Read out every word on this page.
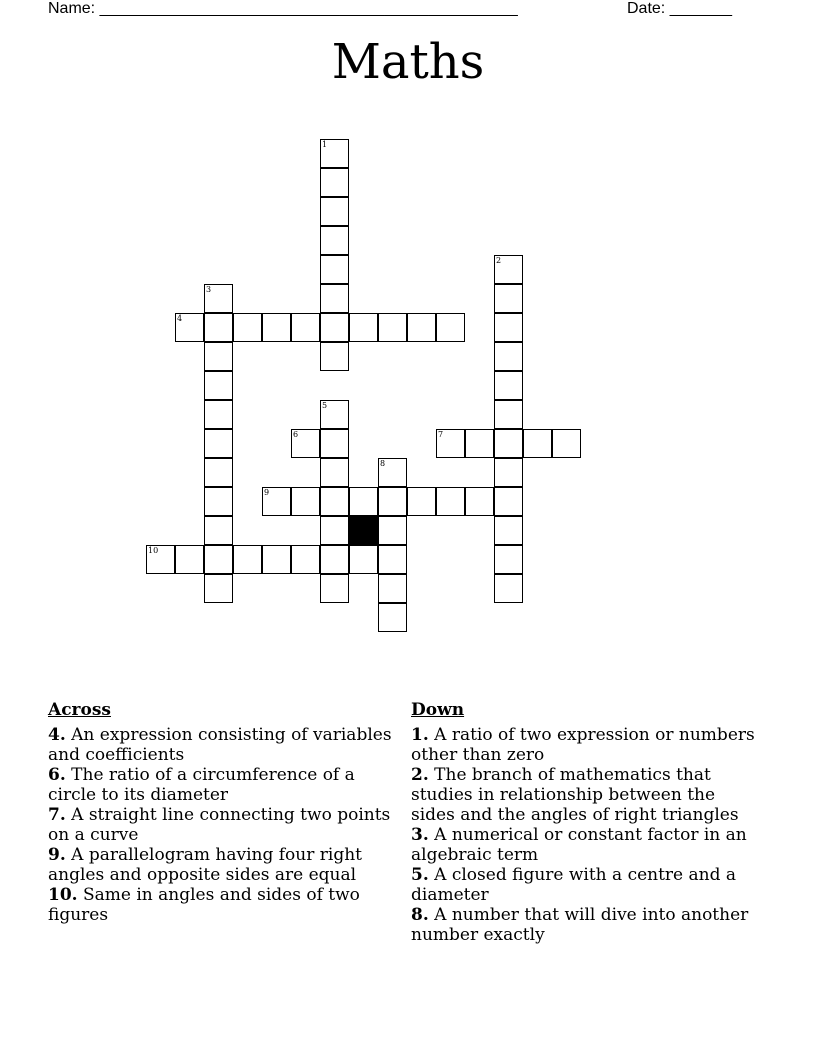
Name: _______________________________________________	Date: _______
Maths
1
2
3
4
5
6	7
8
9
10
Across
4. An expression consisting of variables and coefficients
6. The ratio of a circumference of a circle to its diameter
7. A straight line connecting two points on a curve
9. A parallelogram having four right angles and opposite sides are equal
10. Same in angles and sides of two figures
Down
1. A ratio of two expression or numbers other than zero
2. The branch of mathematics that studies in relationship between the sides and the angles of right triangles
3. A numerical or constant factor in an algebraic term
5. A closed figure with a centre and a diameter
8. A number that will dive into another number exactly
